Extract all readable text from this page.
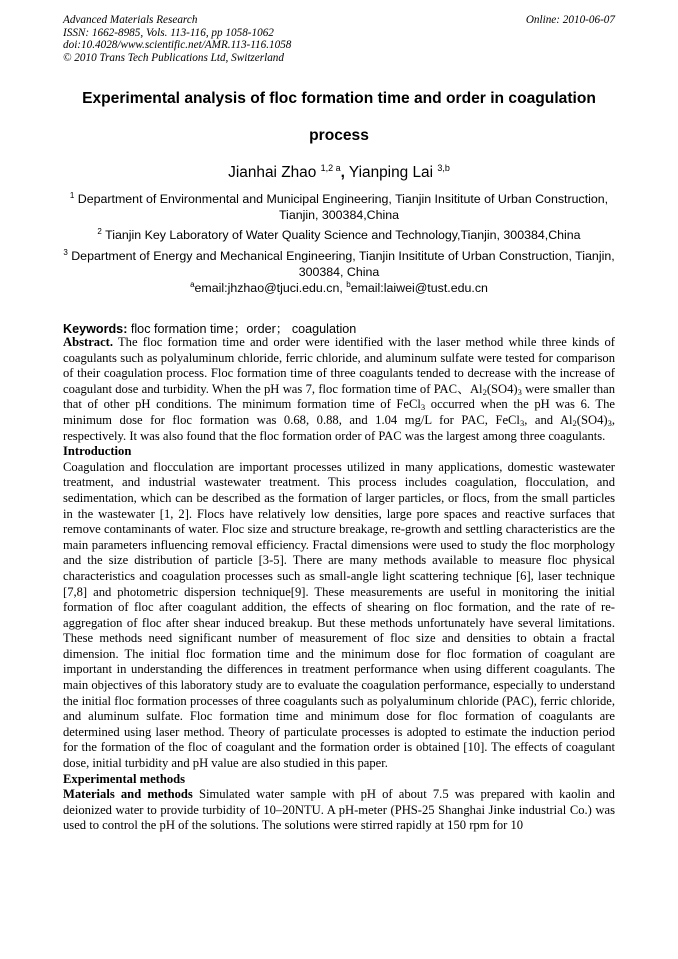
Advanced Materials Research
ISSN: 1662-8985, Vols. 113-116, pp 1058-1062
doi:10.4028/www.scientific.net/AMR.113-116.1058
© 2010 Trans Tech Publications Ltd, Switzerland
Online: 2010-06-07
Experimental analysis of floc formation time and order in coagulation
process
Jianhai Zhao $^{1,2 a}$, Yianping Lai $^{3,b}$
$^1$ Department of Environmental and Municipal Engineering, Tianjin Insititute of Urban Construction, Tianjin, 300384,China
$^2$ Tianjin Key Laboratory of Water Quality Science and Technology,Tianjin, 300384,China
$^3$ Department of Energy and Mechanical Engineering, Tianjin Insititute of Urban Construction, Tianjin, 300384, China
$^a$email:jhzhao@tjuci.edu.cn, $^b$email:laiwei@tust.edu.cn
Keywords: floc formation time；order； coagulation

Abstract. The floc formation time and order were identified with the laser method while three kinds of coagulants such as polyaluminum chloride, ferric chloride, and aluminum sulfate were tested for comparison of their coagulation process. Floc formation time of three coagulants tended to decrease with the increase of coagulant dose and turbidity. When the pH was 7, floc formation time of PAC、$Al_2(SO4)_3$ were smaller than that of other pH conditions. The minimum formation time of FeCl$_3$ occurred when the pH was 6. The minimum dose for floc formation was 0.68, 0.88, and 1.04 mg/L for PAC, FeCl$_3$, and $Al_2(SO4)_3$, respectively. It was also found that the floc formation order of PAC was the largest among three coagulants.

Introduction

Coagulation and flocculation are important processes utilized in many applications, domestic wastewater treatment, and industrial wastewater treatment. This process includes coagulation, flocculation, and sedimentation, which can be described as the formation of larger particles, or flocs, from the small particles in the wastewater [1, 2]. Flocs have relatively low densities, large pore spaces and reactive surfaces that remove contaminants of water. Floc size and structure breakage, re-growth and settling characteristics are the main parameters influencing removal efficiency. Fractal dimensions were used to study the floc morphology and the size distribution of particle [3-5]. There are many methods available to measure floc physical characteristics and coagulation processes such as small-angle light scattering technique [6], laser technique [7,8] and photometric dispersion technique[9]. These measurements are useful in monitoring the initial formation of floc after coagulant addition, the effects of shearing on floc formation, and the rate of re-aggregation of floc after shear induced breakup. But these methods unfortunately have several limitations. These methods need significant number of measurement of floc size and densities to obtain a fractal dimension. The initial floc formation time and the minimum dose for floc formation of coagulant are important in understanding the differences in treatment performance when using different coagulants. The main objectives of this laboratory study are to evaluate the coagulation performance, especially to understand the initial floc formation processes of three coagulants such as polyaluminum chloride (PAC), ferric chloride, and aluminum sulfate. Floc formation time and minimum dose for floc formation of coagulants are determined using laser method. Theory of particulate processes is adopted to estimate the induction period for the formation of the floc of coagulant and the formation order is obtained [10]. The effects of coagulant dose, initial turbidity and pH value are also studied in this paper.

Experimental methods

Materials and methods Simulated water sample with pH of about 7.5 was prepared with kaolin and deionized water to provide turbidity of 10–20NTU. A pH-meter (PHS-25 Shanghai Jinke industrial Co.) was used to control the pH of the solutions. The solutions were stirred rapidly at 150 rpm for 10
